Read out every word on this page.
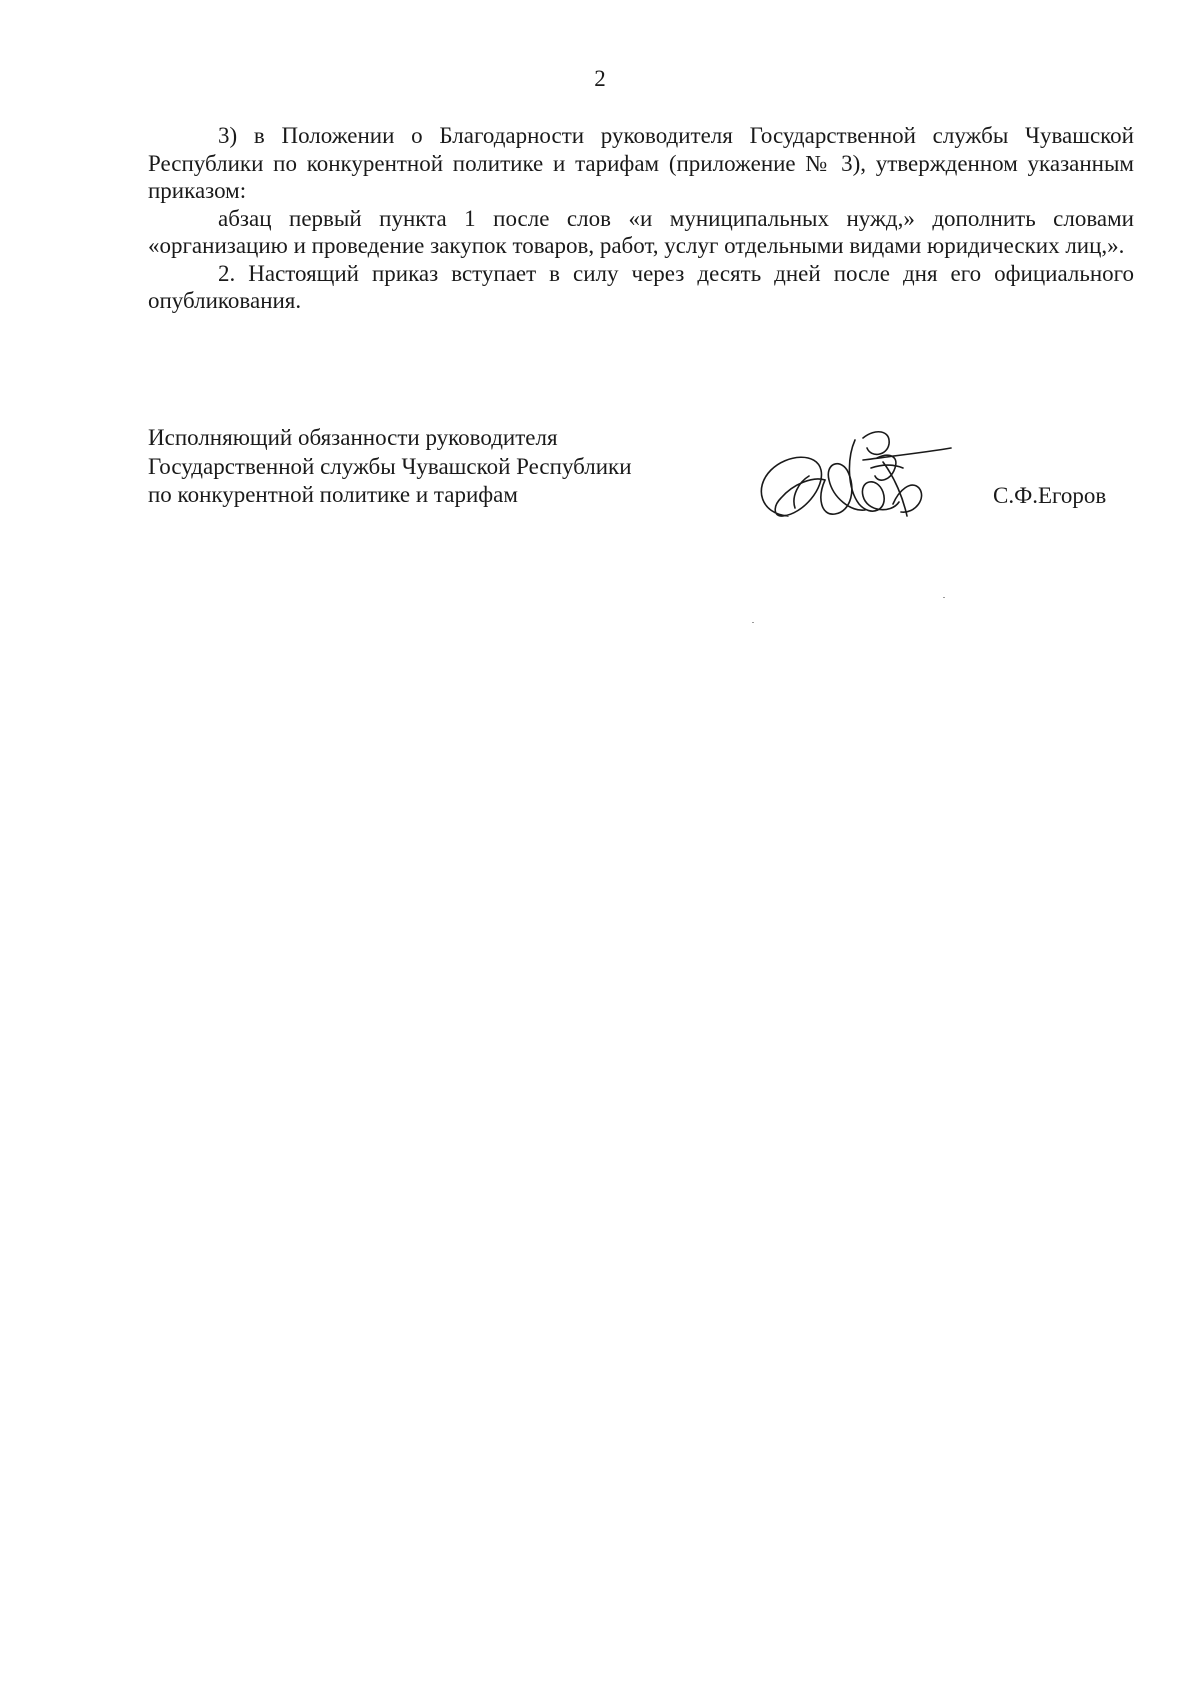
2

3) в Положении о Благодарности руководителя Государственной службы Чувашской Республики по конкурентной политике и тарифам (приложение № 3), утвержденном указанным приказом:

абзац первый пункта 1 после слов «и муниципальных нужд,» дополнить словами «организацию и проведение закупок товаров, работ, услуг отдельными видами юридических лиц,».

2. Настоящий приказ вступает в силу через десять дней после дня его официального опубликования.

Исполняющий обязанности руководителя
Государственной службы Чувашской Республики
по конкурентной политике и тарифам	С.Ф.Егоров
